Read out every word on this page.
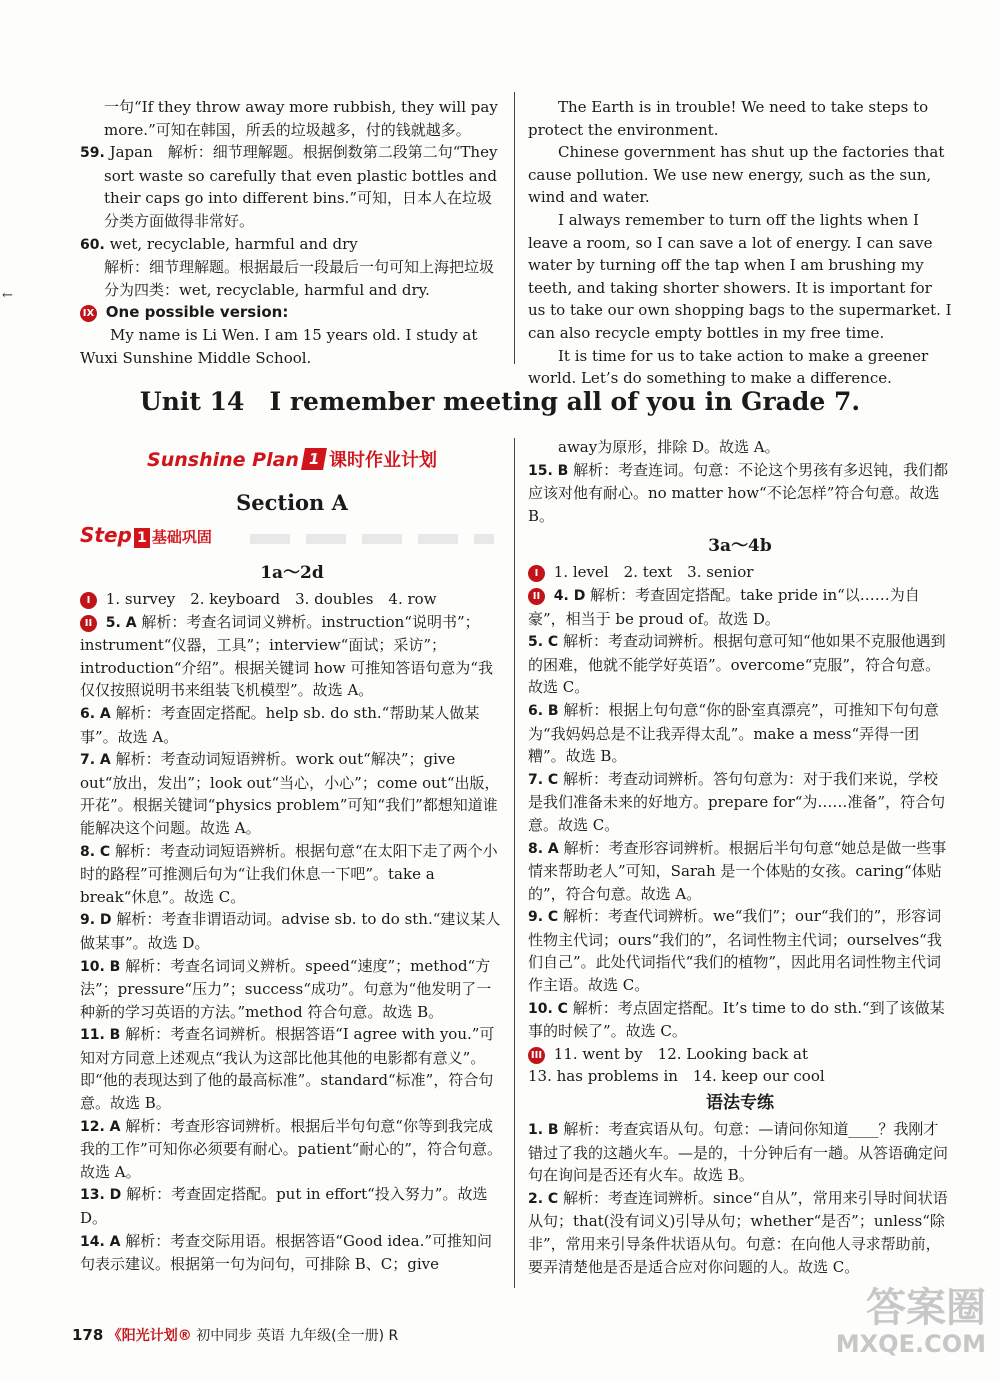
一句“If they throw away more rubbish, they will pay more.”可知在韩国，所丢的垃圾越多，付的钱就越多。

59. Japan　解析：细节理解题。根据倒数第二段第二句“They sort waste so carefully that even plastic bottles and their caps go into different bins.”可知，日本人在垃圾分类方面做得非常好。

60. wet, recyclable, harmful and dry

解析：细节理解题。根据最后一段最后一句可知上海把垃圾分为四类：wet, recyclable, harmful and dry.

IX One possible version:

My name is Li Wen. I am 15 years old. I study at Wuxi Sunshine Middle School.

The Earth is in trouble! We need to take steps to protect the environment.

Chinese government has shut up the factories that cause pollution. We use new energy, such as the sun, wind and water.

I always remember to turn off the lights when I leave a room, so I can save a lot of energy. I can save water by turning off the tap when I am brushing my teeth, and taking shorter showers. It is important for us to take our own shopping bags to the supermarket. I can also recycle empty bottles in my free time.

It is time for us to take action to make a greener world. Let’s do something to make a difference.

←
Unit 14　I remember meeting all of you in Grade 7.
Sunshine Plan 1 课时作业计划
Section A
Step 1 基础巩固
1a～2d

I 1. survey　2. keyboard　3. doubles　4. row

II 5. A 解析：考查名词词义辨析。instruction“说明书”；instrument“仪器，工具”；interview“面试；采访”；introduction“介绍”。根据关键词 how 可推知答语句意为“我仅仅按照说明书来组装飞机模型”。故选 A。

6. A 解析：考查固定搭配。help sb. do sth.“帮助某人做某事”。故选 A。

7. A 解析：考查动词短语辨析。work out“解决”；give out“放出，发出”；look out“当心，小心”；come out“出版，开花”。根据关键词“physics problem”可知“我们”都想知道谁能解决这个问题。故选 A。

8. C 解析：考查动词短语辨析。根据句意“在太阳下走了两个小时的路程”可推测后句为“让我们休息一下吧”。take a break“休息”。故选 C。

9. D 解析：考查非谓语动词。advise sb. to do sth.“建议某人做某事”。故选 D。

10. B 解析：考查名词词义辨析。speed“速度”；method“方法”；pressure“压力”；success“成功”。句意为“他发明了一种新的学习英语的方法。”method 符合句意。故选 B。

11. B 解析：考查名词辨析。根据答语“I agree with you.”可知对方同意上述观点“我认为这部比他其他的电影都有意义”。即“他的表现达到了他的最高标准”。standard“标准”，符合句意。故选 B。

12. A 解析：考查形容词辨析。根据后半句句意“你等到我完成我的工作”可知你必须要有耐心。patient“耐心的”，符合句意。故选 A。

13. D 解析：考查固定搭配。put in effort“投入努力”。故选 D。

14. A 解析：考查交际用语。根据答语“Good idea.”可推知问句表示建议。根据第一句为问句，可排除 B、C；give

away为原形，排除 D。故选 A。

15. B 解析：考查连词。句意：不论这个男孩有多迟钝，我们都应该对他有耐心。no matter how“不论怎样”符合句意。故选 B。

3a～4b

I 1. level　2. text　3. senior

II 4. D 解析：考查固定搭配。take pride in“以……为自豪”，相当于 be proud of。故选 D。

5. C 解析：考查动词辨析。根据句意可知“他如果不克服他遇到的困难，他就不能学好英语”。overcome“克服”，符合句意。故选 C。

6. B 解析：根据上句句意“你的卧室真漂亮”，可推知下句句意为“我妈妈总是不让我弄得太乱”。make a mess“弄得一团糟”。故选 B。

7. C 解析：考查动词辨析。答句句意为：对于我们来说，学校是我们准备未来的好地方。prepare for“为……准备”，符合句意。故选 C。

8. A 解析：考查形容词辨析。根据后半句句意“她总是做一些事情来帮助老人”可知，Sarah 是一个体贴的女孩。caring“体贴的”，符合句意。故选 A。

9. C 解析：考查代词辨析。we“我们”；our“我们的”，形容词性物主代词；ours“我们的”，名词性物主代词；ourselves“我们自己”。此处代词指代“我们的植物”，因此用名词性物主代词作主语。故选 C。

10. C 解析：考点固定搭配。It’s time to do sth.“到了该做某事的时候了”。故选 C。

III 11. went by　12. Looking back at

13. has problems in　14. keep our cool

语法专练

1. B 解析：考查宾语从句。句意：—请问你知道____？我刚才错过了我的这趟火车。—是的，十分钟后有一趟。从答语确定问句在询问是否还有火车。故选 B。

2. C 解析：考查连词辨析。since“自从”，常用来引导时间状语从句；that(没有词义)引导从句；whether“是否”；unless“除非”，常用来引导条件状语从句。句意：在向他人寻求帮助前，要弄清楚他是否是适合应对你问题的人。故选 C。

178 《阳光计划® 初中同步 英语 九年级(全一册) R
答案圈
MXQE.COM
